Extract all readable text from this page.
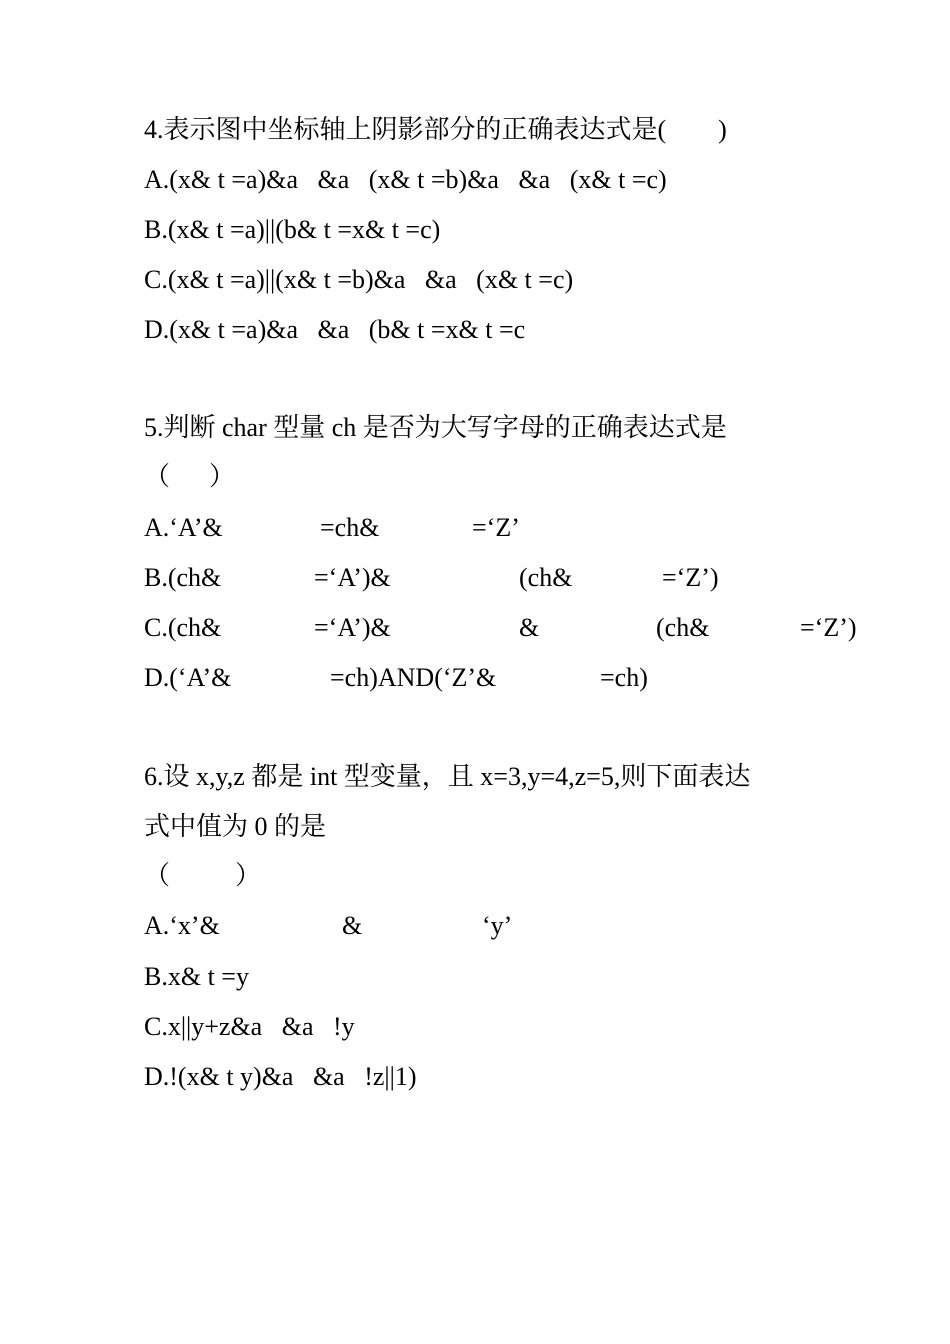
4.表示图中坐标轴上阴影部分的正确表达式是(        )
A.(x& t =a)&a   &a   (x& t =b)&a   &a   (x& t =c)
B.(x& t =a)||(b& t =x& t =c)
C.(x& t =a)||(x& t =b)&a   &a   (x& t =c)
D.(x& t =a)&a   &a   (b& t =x& t =c
5.判断 char 型量 ch 是否为大写字母的正确表达式是
（      ）
A.‘A’&	=ch&	=‘Z’
B.(ch&	=‘A’)&	(ch&	=‘Z’)
C.(ch&	=‘A’)&	&	(ch&	=‘Z’)
D.(‘A’&	=ch)AND(‘Z’&	=ch)
6.设 x,y,z 都是 int 型变量，且 x=3,y=4,z=5,则下面表达
式中值为 0 的是
（          ）
A.‘x’&	&	‘y’
B.x& t =y
C.x||y+z&a   &a   !y
D.!(x& t y)&a   &a   !z||1)
